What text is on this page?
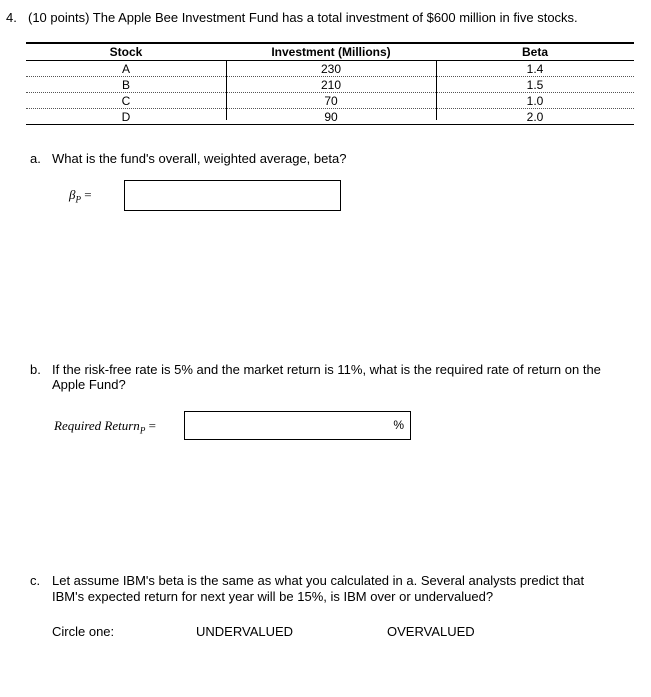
4. (10 points) The Apple Bee Investment Fund has a total investment of $600 million in five stocks.
Stock	Investment (Millions)	Beta
A	230	1.4
B	210	1.5
C	70	1.0
D	90	2.0
a. What is the fund's overall, weighted average, beta?
$\beta_P$ =
b. If the risk-free rate is 5% and the market return is 11%, what is the required rate of return on the
Apple Fund?
Required Return$_P$ =	%
c. Let assume IBM's beta is the same as what you calculated in a. Several analysts predict that
IBM's expected return for next year will be 15%, is IBM over or undervalued?
Circle one:	UNDERVALUED	OVERVALUED
